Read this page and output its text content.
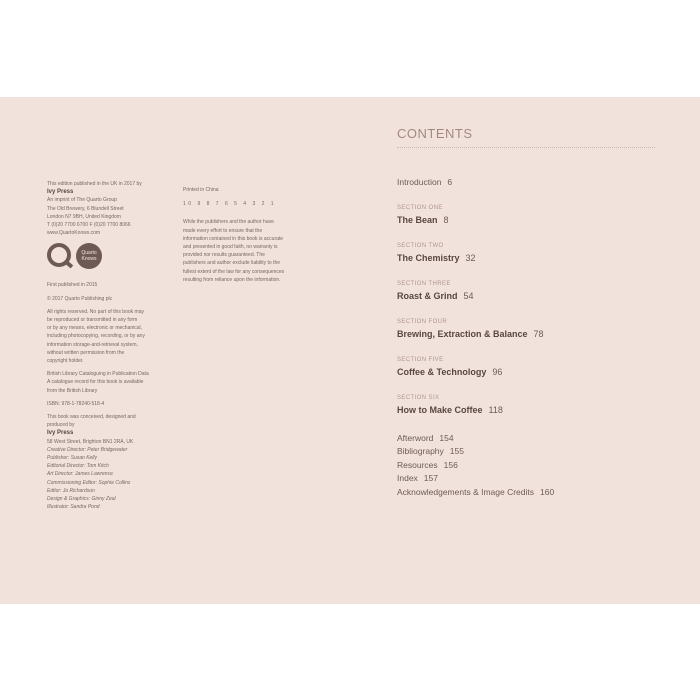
This edition published in the UK in 2017 by
Ivy Press
An imprint of The Quarto Group
The Old Brewery, 6 Blundell Street
London N7 9BH, United Kingdom
T (0)20 7700 6700 F (0)20 7700 8066
www.QuartoKnows.com
Quarto
Knows
First published in 2015
© 2017 Quarto Publishing plc
All rights reserved. No part of this book may
be reproduced or transmitted in any form
or by any means, electronic or mechanical,
including photocopying, recording, or by any
information storage-and-retrieval system,
without written permission from the
copyright holder.
British Library Cataloguing in Publication Data
A catalogue record for this book is available
from the British Library
ISBN: 978-1-78240-518-4
This book was conceived, designed and
produced by
Ivy Press
58 West Street, Brighton BN1 2RA, UK
Creative Director: Peter Bridgewater
Publisher: Susan Kelly
Editorial Director: Tom Kitch
Art Director: James Lawrence
Commissioning Editor: Sophie Collins
Editor: Jo Richardson
Design & Graphics: Ginny Zeal
Illustrator: Sandra Pond
Printed in China
10 9 8 7 6 5 4 3 2 1
While the publishers and the author have
made every effort to ensure that the
information contained in this book is accurate
and presented in good faith, no warranty is
provided nor results guaranteed. The
publishers and author exclude liability to the
fullest extent of the law for any consequences
resulting from reliance upon the information.
CONTENTS
Introduction 6
SECTION ONE
The Bean 8
SECTION TWO
The Chemistry 32
SECTION THREE
Roast & Grind 54
SECTION FOUR
Brewing, Extraction & Balance 78
SECTION FIVE
Coffee & Technology 96
SECTION SIX
How to Make Coffee 118
Afterword 154
Bibliography 155
Resources 156
Index 157
Acknowledgements & Image Credits 160
